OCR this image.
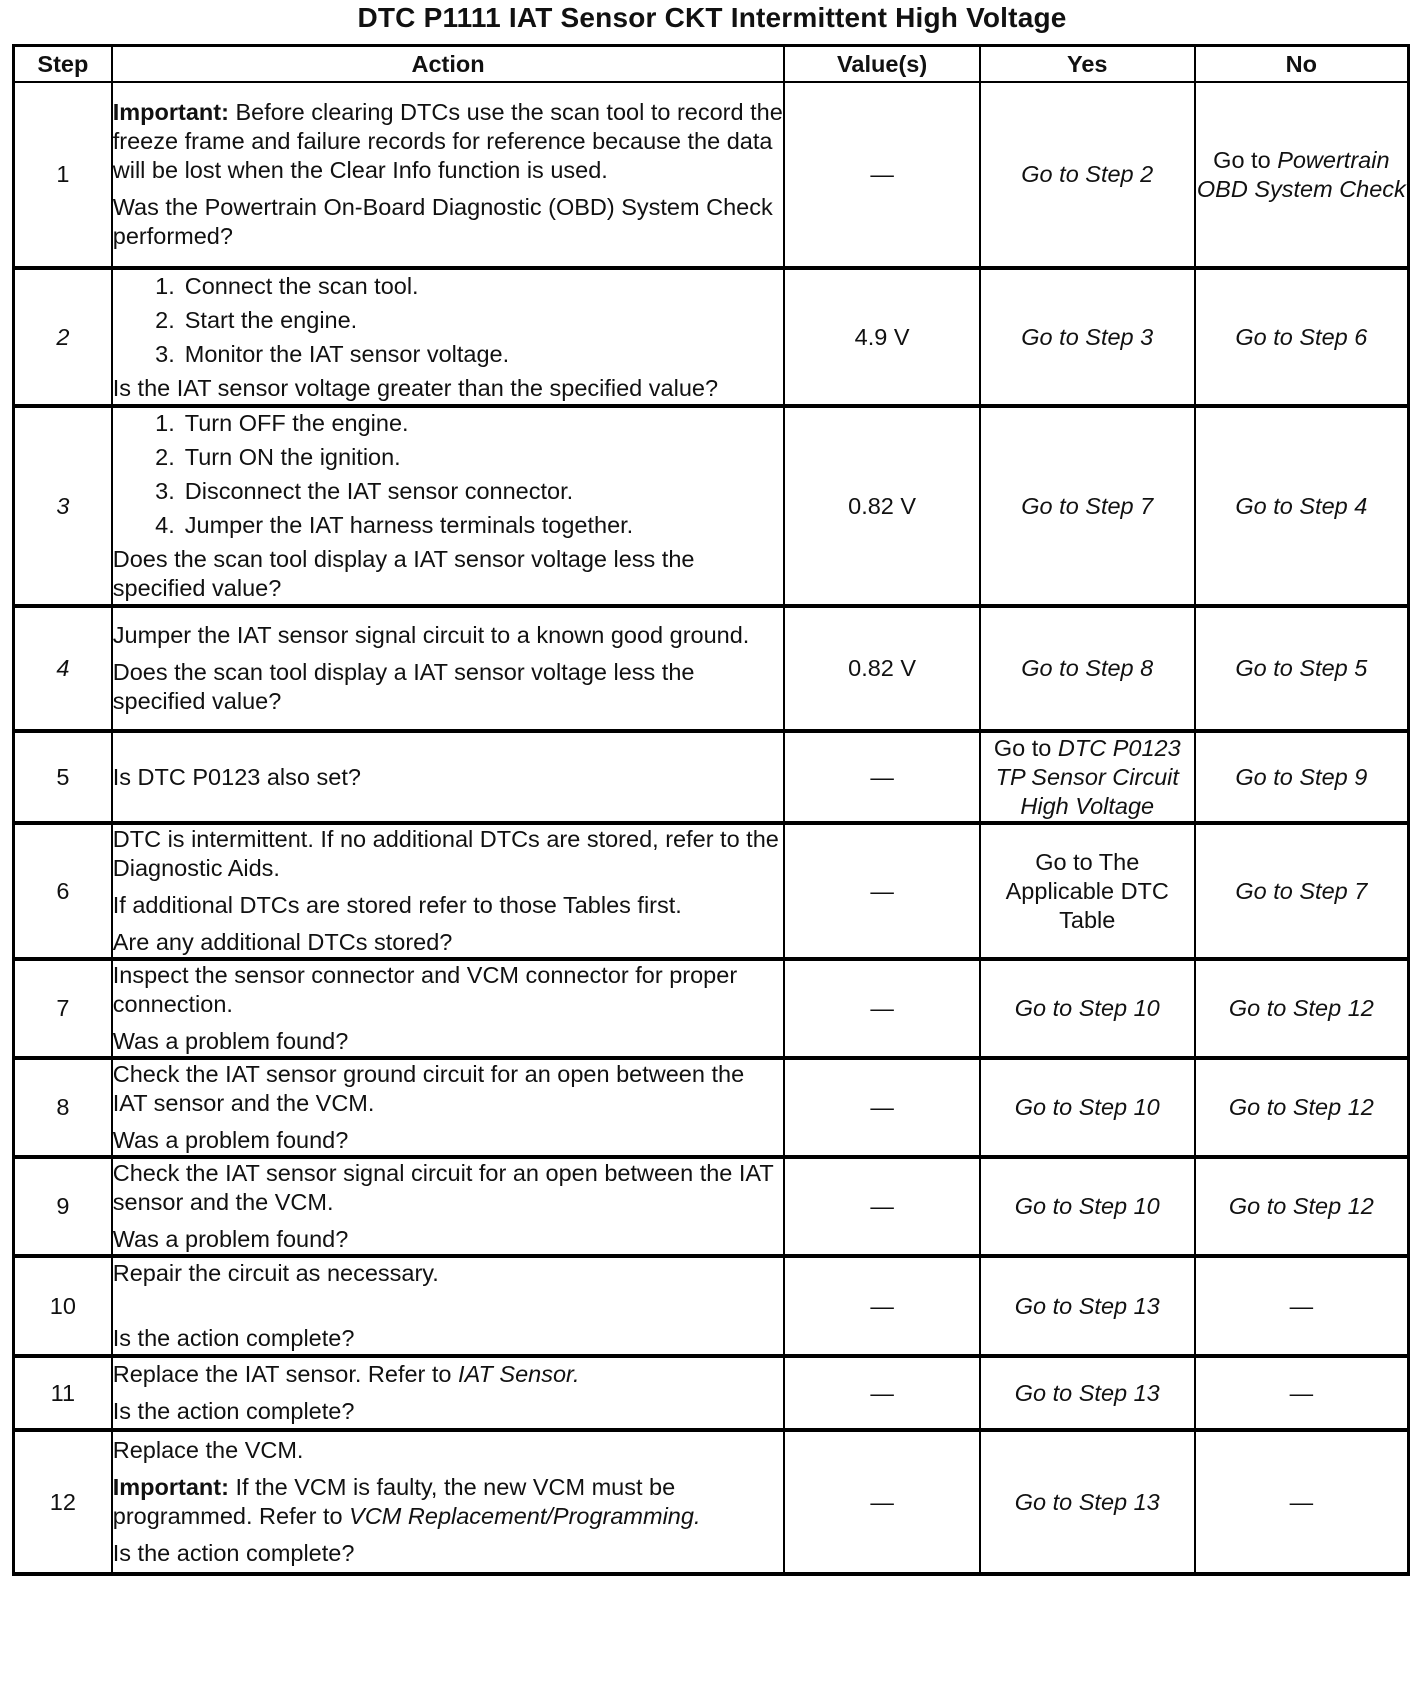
DTC P1111 IAT Sensor CKT Intermittent High Voltage
Step	Action	Value(s)	Yes	No
1	Important: Before clearing DTCs use the scan tool to record the freeze frame and failure records for reference because the data will be lost when the Clear Info function is used.
Was the Powertrain On-Board Diagnostic (OBD) System Check performed?	—	Go to Step 2	Go to Powertrain OBD System Check
2	1. Connect the scan tool.
2. Start the engine.
3. Monitor the IAT sensor voltage.
Is the IAT sensor voltage greater than the specified value?	4.9 V	Go to Step 3	Go to Step 6
3	1. Turn OFF the engine.
2. Turn ON the ignition.
3. Disconnect the IAT sensor connector.
4. Jumper the IAT harness terminals together.
Does the scan tool display a IAT sensor voltage less the specified value?	0.82 V	Go to Step 7	Go to Step 4
4	Jumper the IAT sensor signal circuit to a known good ground.
Does the scan tool display a IAT sensor voltage less the specified value?	0.82 V	Go to Step 8	Go to Step 5
5	Is DTC P0123 also set?	—	Go to DTC P0123 TP Sensor Circuit High Voltage	Go to Step 9
6	DTC is intermittent. If no additional DTCs are stored, refer to the Diagnostic Aids.
If additional DTCs are stored refer to those Tables first.
Are any additional DTCs stored?	—	Go to The Applicable DTC Table	Go to Step 7
7	Inspect the sensor connector and VCM connector for proper connection.
Was a problem found?	—	Go to Step 10	Go to Step 12
8	Check the IAT sensor ground circuit for an open between the IAT sensor and the VCM.
Was a problem found?	—	Go to Step 10	Go to Step 12
9	Check the IAT sensor signal circuit for an open between the IAT sensor and the VCM.
Was a problem found?	—	Go to Step 10	Go to Step 12
10	Repair the circuit as necessary.
Is the action complete?	—	Go to Step 13	—
11	Replace the IAT sensor. Refer to IAT Sensor.
Is the action complete?	—	Go to Step 13	—
12	Replace the VCM.
Important: If the VCM is faulty, the new VCM must be programmed. Refer to VCM Replacement/Programming.
Is the action complete?	—	Go to Step 13	—
